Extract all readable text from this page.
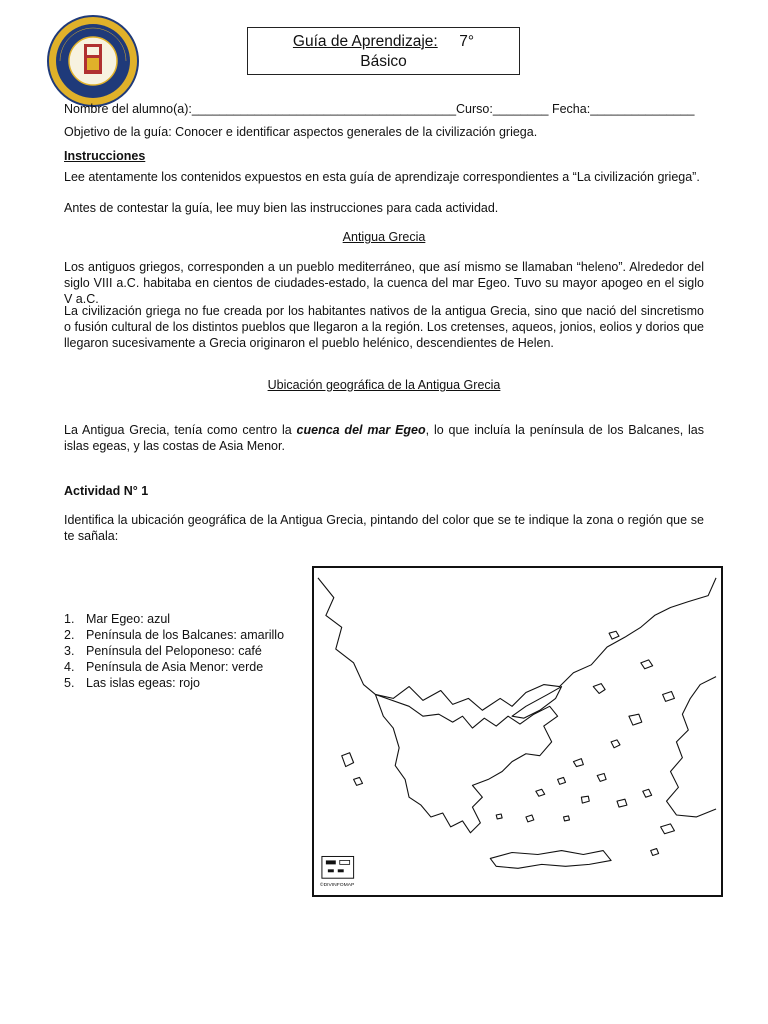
Guía de Aprendizaje: 7°
Básico
Nombre del alumno(a):______________________________________Curso:________ Fecha:_______________
Objetivo de la guía: Conocer e identificar aspectos generales de la civilización griega.
Instrucciones
Lee atentamente los contenidos expuestos en esta guía de aprendizaje correspondientes a “La civilización griega”.
Antes de contestar la guía, lee muy bien las instrucciones para cada actividad.
Antigua Grecia
Los antiguos griegos, corresponden a un pueblo mediterráneo, que así mismo se llamaban “heleno”. Alrededor del siglo VIII a.C. habitaba en cientos de ciudades-estado, la cuenca del mar Egeo. Tuvo su mayor apogeo en el siglo V a.C.
La civilización griega no fue creada por los habitantes nativos de la antigua Grecia, sino que nació del sincretismo o fusión cultural de los distintos pueblos que llegaron a la región. Los cretenses, aqueos, jonios, eolios y dorios que llegaron sucesivamente a Grecia originaron el pueblo helénico, descendientes de Helen.
Ubicación geográfica de la Antigua Grecia
La Antigua Grecia, tenía como centro la cuenca del mar Egeo, lo que incluía la península de los Balcanes, las islas egeas, y las costas de Asia Menor.
Actividad N° 1
Identifica la ubicación geográfica de la Antigua Grecia, pintando del color que se te indique la zona o región que se te sañala:
1. Mar Egeo: azul
2. Península de los Balcanes: amarillo
3. Península del Peloponeso: café
4. Península de Asia Menor: verde
5. Las islas egeas: rojo
©DIVINFOMAP
